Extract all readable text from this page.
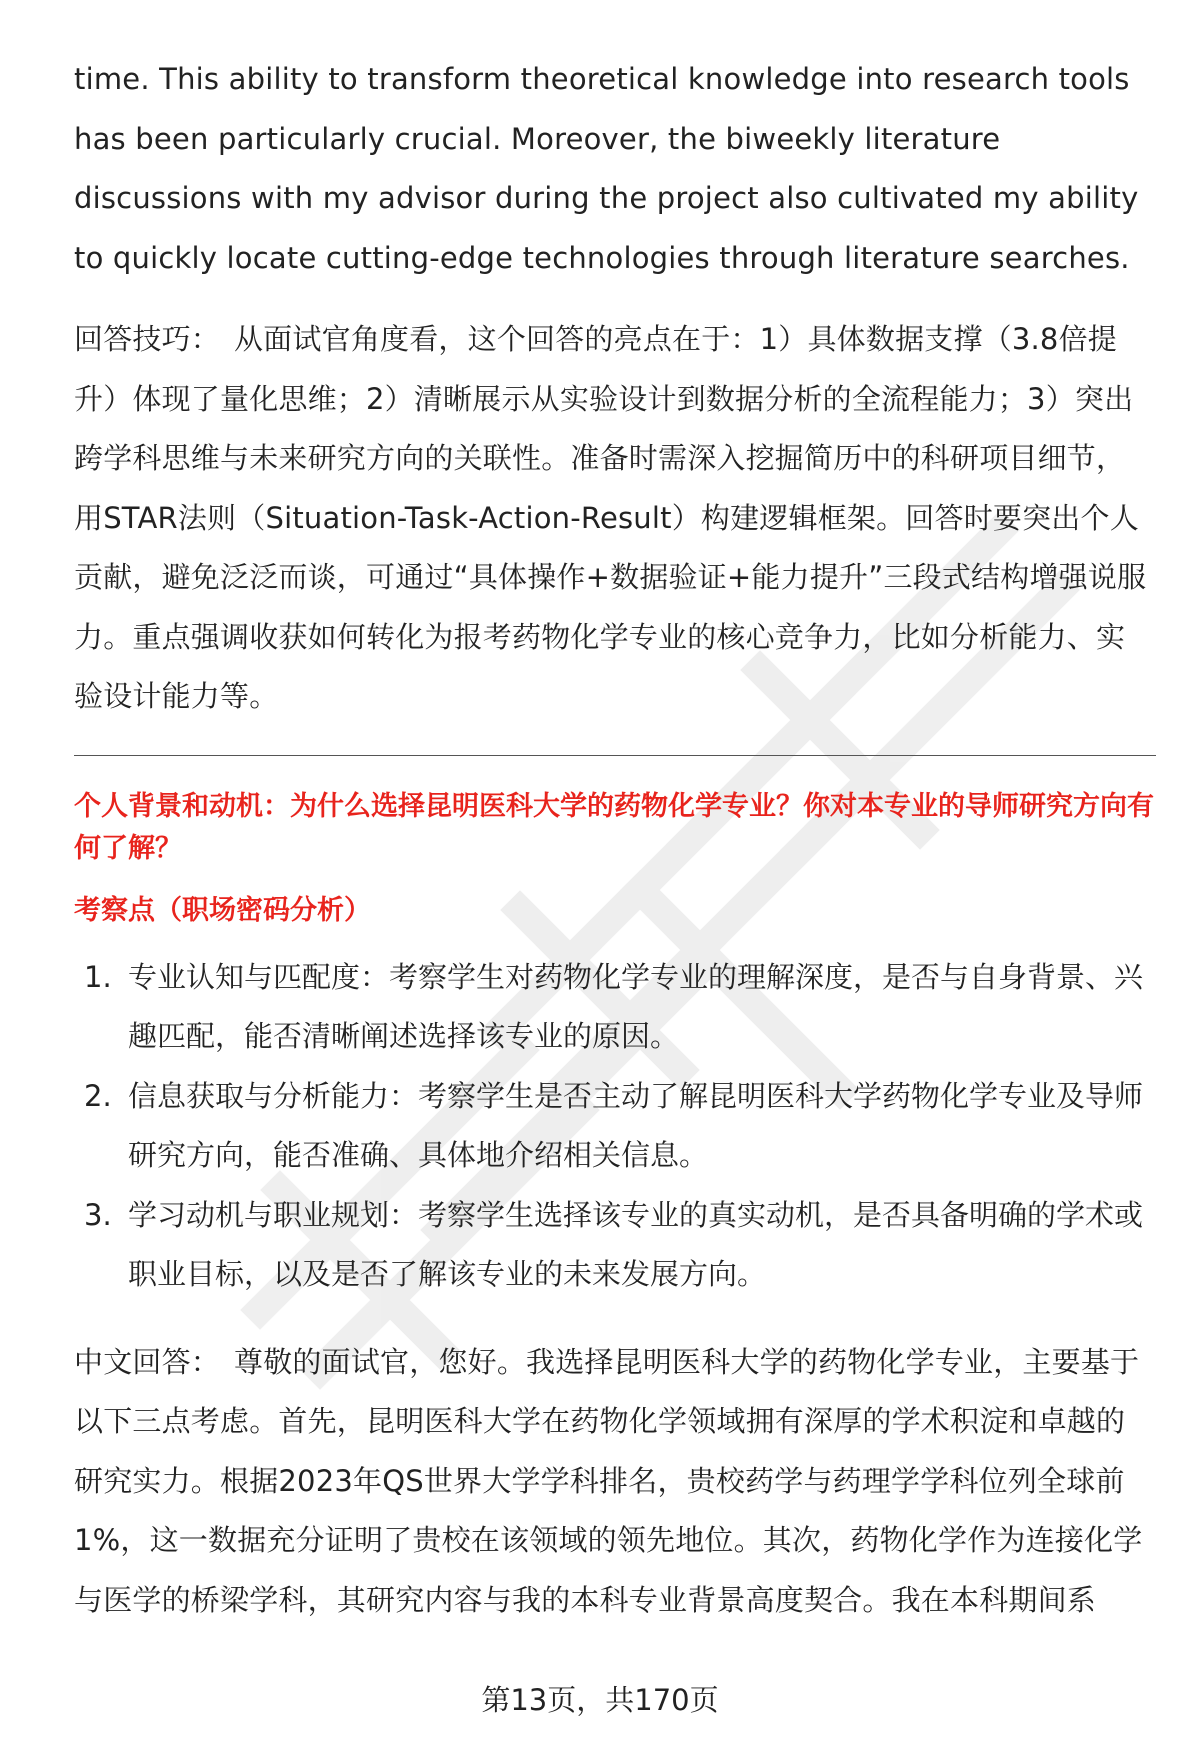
time. This ability to transform theoretical knowledge into research tools has been particularly crucial. Moreover, the biweekly literature discussions with my advisor during the project also cultivated my ability to quickly locate cutting-edge technologies through literature searches.

回答技巧： 从面试官角度看，这个回答的亮点在于：1）具体数据支撑（3.8倍提升）体现了量化思维；2）清晰展示从实验设计到数据分析的全流程能力；3）突出跨学科思维与未来研究方向的关联性。准备时需深入挖掘简历中的科研项目细节，用STAR法则（Situation-Task-Action-Result）构建逻辑框架。回答时要突出个人贡献，避免泛泛而谈，可通过“具体操作+数据验证+能力提升”三段式结构增强说服力。重点强调收获如何转化为报考药物化学专业的核心竞争力，比如分析能力、实验设计能力等。

个人背景和动机：为什么选择昆明医科大学的药物化学专业？你对本专业的导师研究方向有何了解？

考察点（职场密码分析）

1. 专业认知与匹配度：考察学生对药物化学专业的理解深度，是否与自身背景、兴趣匹配，能否清晰阐述选择该专业的原因。
2. 信息获取与分析能力：考察学生是否主动了解昆明医科大学药物化学专业及导师研究方向，能否准确、具体地介绍相关信息。
3. 学习动机与职业规划：考察学生选择该专业的真实动机，是否具备明确的学术或职业目标，以及是否了解该专业的未来发展方向。

中文回答： 尊敬的面试官，您好。我选择昆明医科大学的药物化学专业，主要基于以下三点考虑。首先，昆明医科大学在药物化学领域拥有深厚的学术积淀和卓越的研究实力。根据2023年QS世界大学学科排名，贵校药学与药理学学科位列全球前1%，这一数据充分证明了贵校在该领域的领先地位。其次，药物化学作为连接化学与医学的桥梁学科，其研究内容与我的本科专业背景高度契合。我在本科期间系

第13页，共170页
